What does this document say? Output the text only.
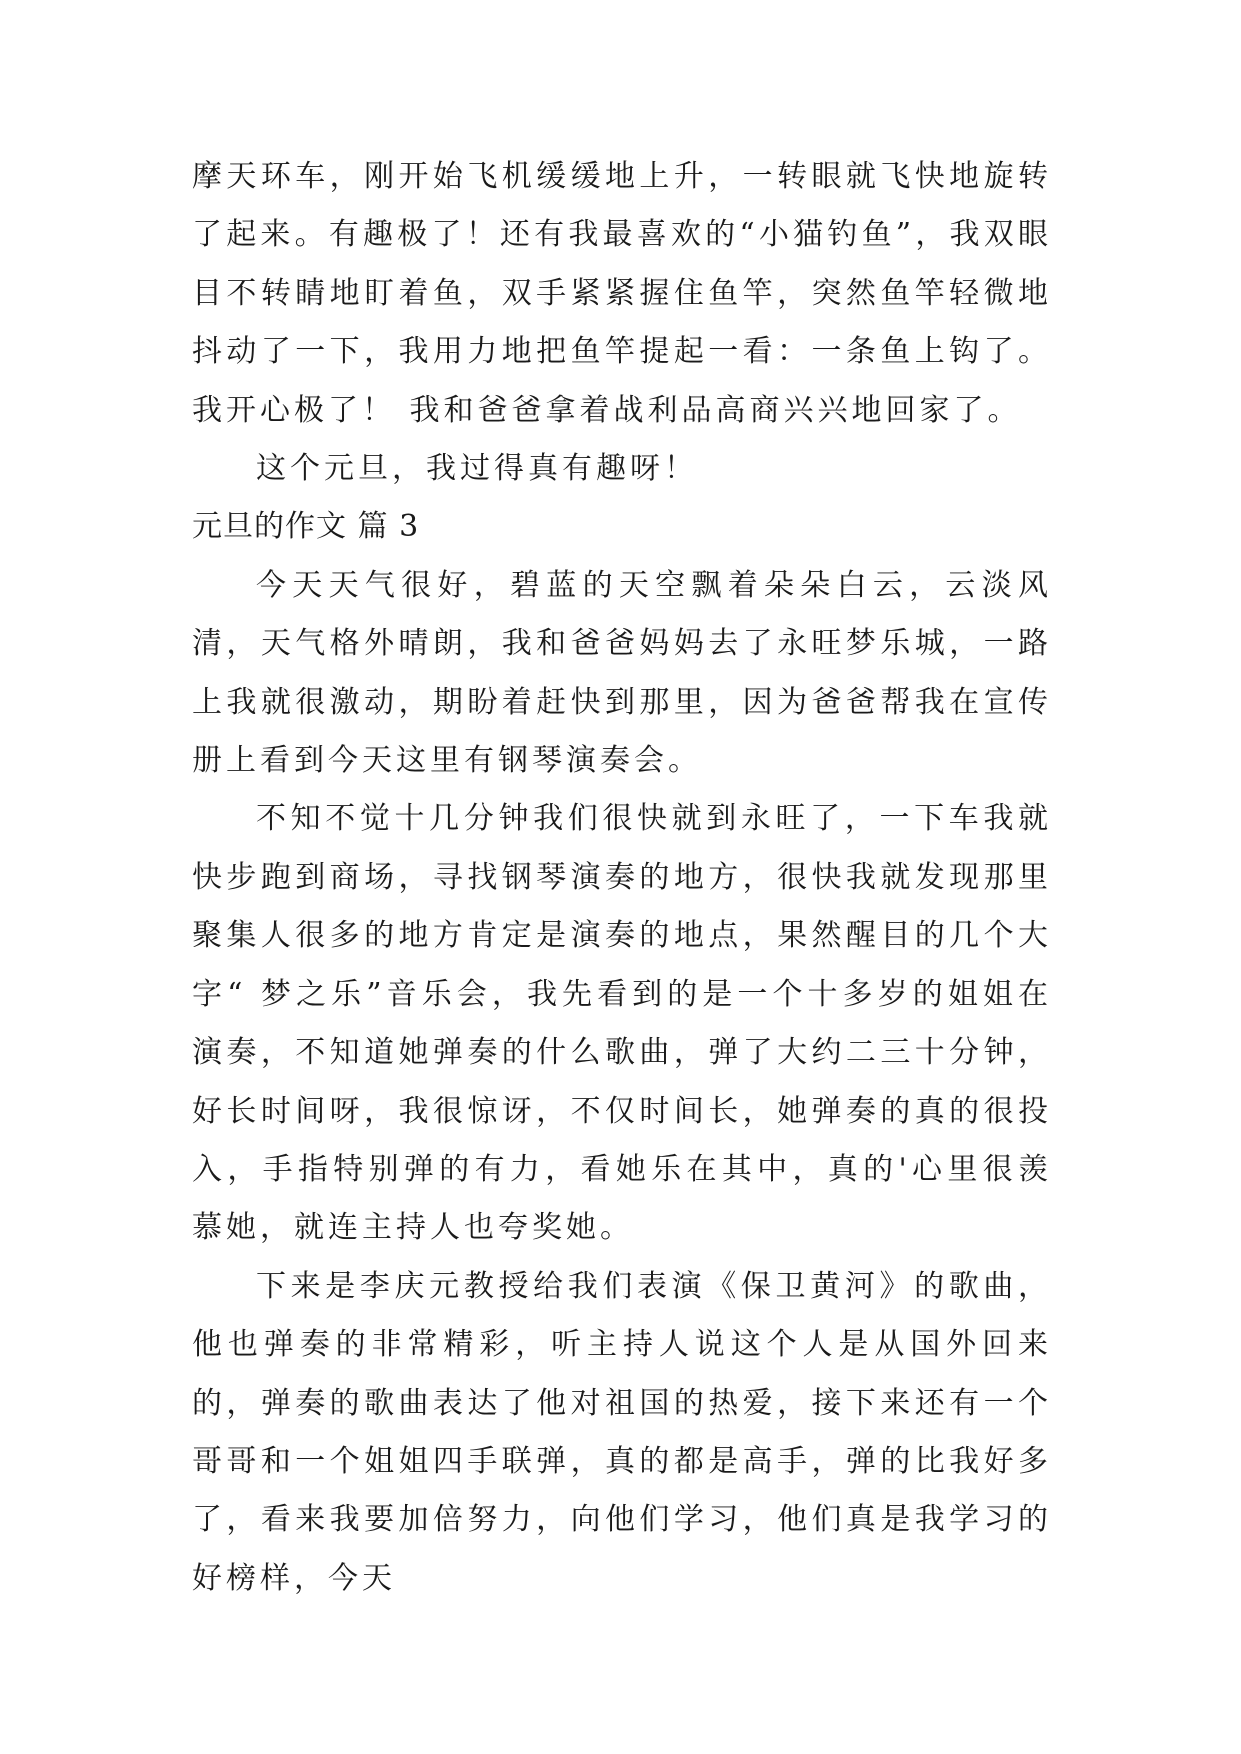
摩天环车，刚开始飞机缓缓地上升，一转眼就飞快地旋转了起来。有趣极了！还有我最喜欢的“小猫钓鱼”，我双眼目不转睛地盯着鱼，双手紧紧握住鱼竿，突然鱼竿轻微地抖动了一下，我用力地把鱼竿提起一看：一条鱼上钩了。我开心极了！ 我和爸爸拿着战利品高商兴兴地回家了。

这个元旦，我过得真有趣呀！

元旦的作文 篇 3

今天天气很好，碧蓝的天空飘着朵朵白云，云淡风清，天气格外晴朗，我和爸爸妈妈去了永旺梦乐城，一路上我就很激动，期盼着赶快到那里，因为爸爸帮我在宣传册上看到今天这里有钢琴演奏会。

不知不觉十几分钟我们很快就到永旺了，一下车我就快步跑到商场，寻找钢琴演奏的地方，很快我就发现那里聚集人很多的地方肯定是演奏的地点，果然醒目的几个大字“ 梦之乐”音乐会，我先看到的是一个十多岁的姐姐在演奏，不知道她弹奏的什么歌曲，弹了大约二三十分钟，好长时间呀，我很惊讶，不仅时间长，她弹奏的真的很投入，手指特别弹的有力，看她乐在其中，真的'心里很羡慕她，就连主持人也夸奖她。

下来是李庆元教授给我们表演《保卫黄河》的歌曲，他也弹奏的非常精彩，听主持人说这个人是从国外回来的，弹奏的歌曲表达了他对祖国的热爱，接下来还有一个哥哥和一个姐姐四手联弹，真的都是高手，弹的比我好多了，看来我要加倍努力，向他们学习，他们真是我学习的好榜样，今天
